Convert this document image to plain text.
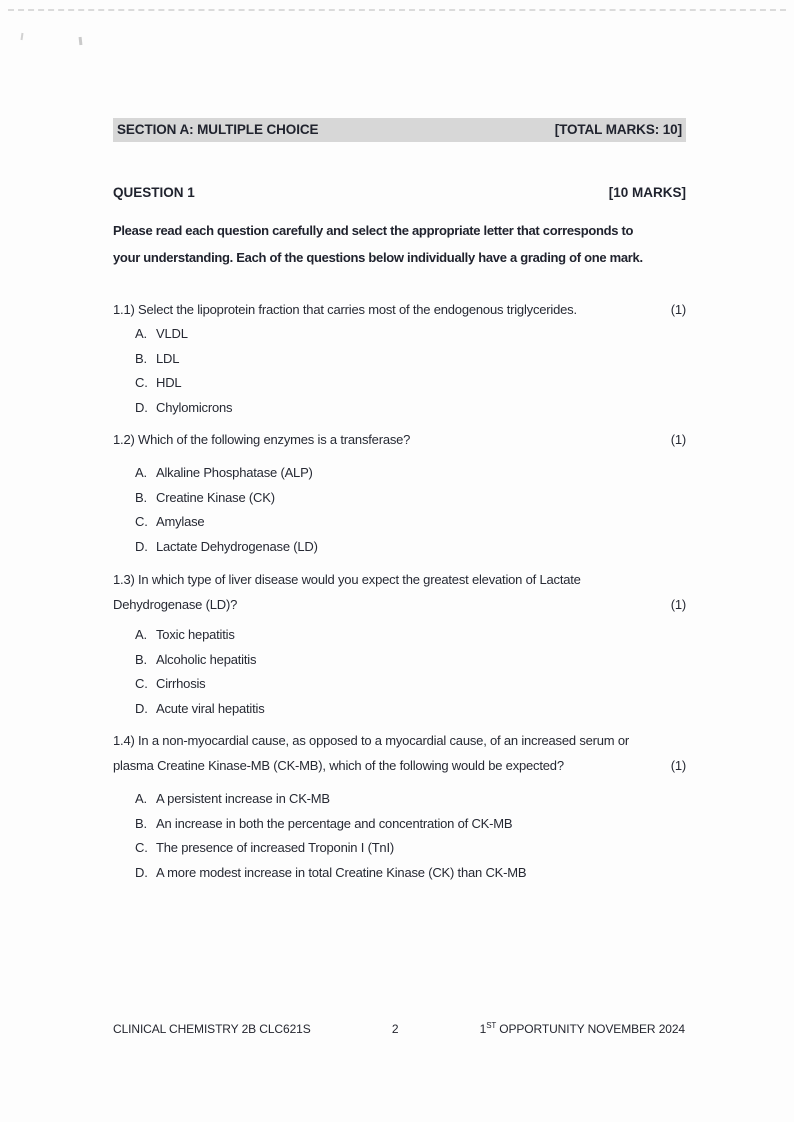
SECTION A: MULTIPLE CHOICE	[TOTAL MARKS: 10]
QUESTION 1	[10 MARKS]
Please read each question carefully and select the appropriate letter that corresponds to
your understanding. Each of the questions below individually have a grading of one mark.
1.1) Select the lipoprotein fraction that carries most of the endogenous triglycerides.	(1)
A. VLDL
B. LDL
C. HDL
D. Chylomicrons
1.2) Which of the following enzymes is a transferase?	(1)
A. Alkaline Phosphatase (ALP)
B. Creatine Kinase (CK)
C. Amylase
D. Lactate Dehydrogenase (LD)
1.3) In which type of liver disease would you expect the greatest elevation of Lactate
Dehydrogenase (LD)?	(1)
A. Toxic hepatitis
B. Alcoholic hepatitis
C. Cirrhosis
D. Acute viral hepatitis
1.4) In a non-myocardial cause, as opposed to a myocardial cause, of an increased serum or
plasma Creatine Kinase-MB (CK-MB), which of the following would be expected?	(1)
A. A persistent increase in CK-MB
B. An increase in both the percentage and concentration of CK-MB
C. The presence of increased Troponin I (TnI)
D. A more modest increase in total Creatine Kinase (CK) than CK-MB
CLINICAL CHEMISTRY 2B CLC621S	2	1ST OPPORTUNITY NOVEMBER 2024
